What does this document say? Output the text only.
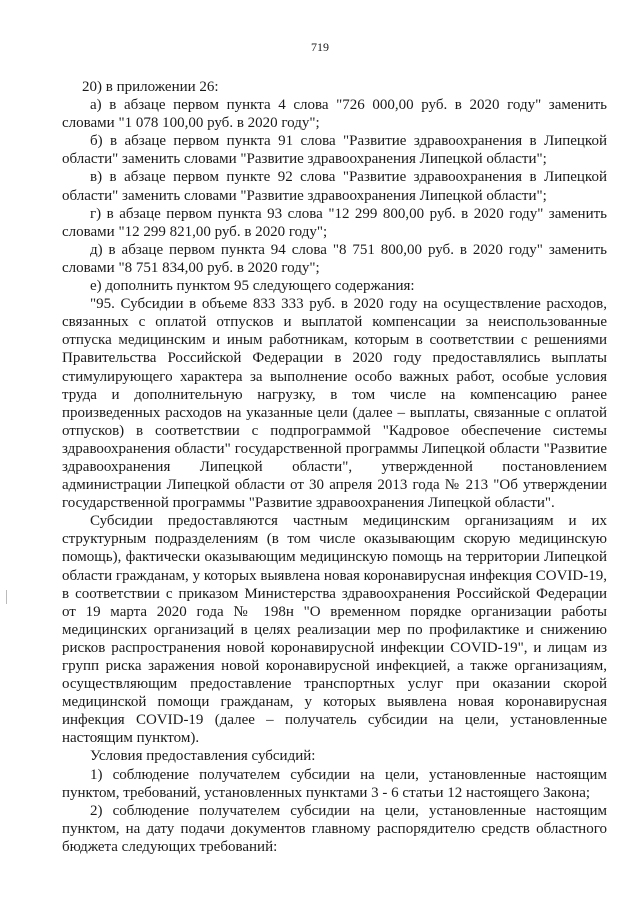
719

20) в приложении 26:

а) в абзаце первом пункта 4 слова "726 000,00 руб. в 2020 году" заменить словами "1 078 100,00 руб. в 2020 году";

б) в абзаце первом пункта 91 слова "Развитие здравоохранения в Липецкой области" заменить словами "Развитие здравоохранения Липецкой области";

в) в абзаце первом пункте 92 слова "Развитие здравоохранения в Липецкой области" заменить словами "Развитие здравоохранения Липецкой области";

г) в абзаце первом пункта 93 слова "12 299 800,00 руб. в 2020 году" заменить словами "12 299 821,00 руб. в 2020 году";

д) в абзаце первом пункта 94 слова "8 751 800,00 руб. в 2020 году" заменить словами "8 751 834,00 руб. в 2020 году";

е) дополнить пунктом 95 следующего содержания:

"95. Субсидии в объеме 833 333 руб. в 2020 году на осуществление расходов, связанных с оплатой отпусков и выплатой компенсации за неиспользованные отпуска медицинским и иным работникам, которым в соответствии с решениями Правительства Российской Федерации в 2020 году предоставлялись выплаты стимулирующего характера за выполнение особо важных работ, особые условия труда и дополнительную нагрузку, в том числе на компенсацию ранее произведенных расходов на указанные цели (далее – выплаты, связанные с оплатой отпусков) в соответствии с подпрограммой "Кадровое обеспечение системы здравоохранения области" государственной программы Липецкой области "Развитие здравоохранения Липецкой области", утвержденной постановлением администрации Липецкой области от 30 апреля 2013 года № 213 "Об утверждении государственной программы "Развитие здравоохранения Липецкой области".

Субсидии предоставляются частным медицинским организациям и их структурным подразделениям (в том числе оказывающим скорую медицинскую помощь), фактически оказывающим медицинскую помощь на территории Липецкой области гражданам, у которых выявлена новая коронавирусная инфекция COVID-19, в соответствии с приказом Министерства здравоохранения Российской Федерации от 19 марта 2020 года № 198н "О временном порядке организации работы медицинских организаций в целях реализации мер по профилактике и снижению рисков распространения новой коронавирусной инфекции COVID-19", и лицам из групп риска заражения новой коронавирусной инфекцией, а также организациям, осуществляющим предоставление транспортных услуг при оказании скорой медицинской помощи гражданам, у которых выявлена новая коронавирусная инфекция COVID-19 (далее – получатель субсидии на цели, установленные настоящим пунктом).

Условия предоставления субсидий:

1) соблюдение получателем субсидии на цели, установленные настоящим пунктом, требований, установленных пунктами 3 - 6 статьи 12 настоящего Закона;

2) соблюдение получателем субсидии на цели, установленные настоящим пунктом, на дату подачи документов главному распорядителю средств областного бюджета следующих требований:
